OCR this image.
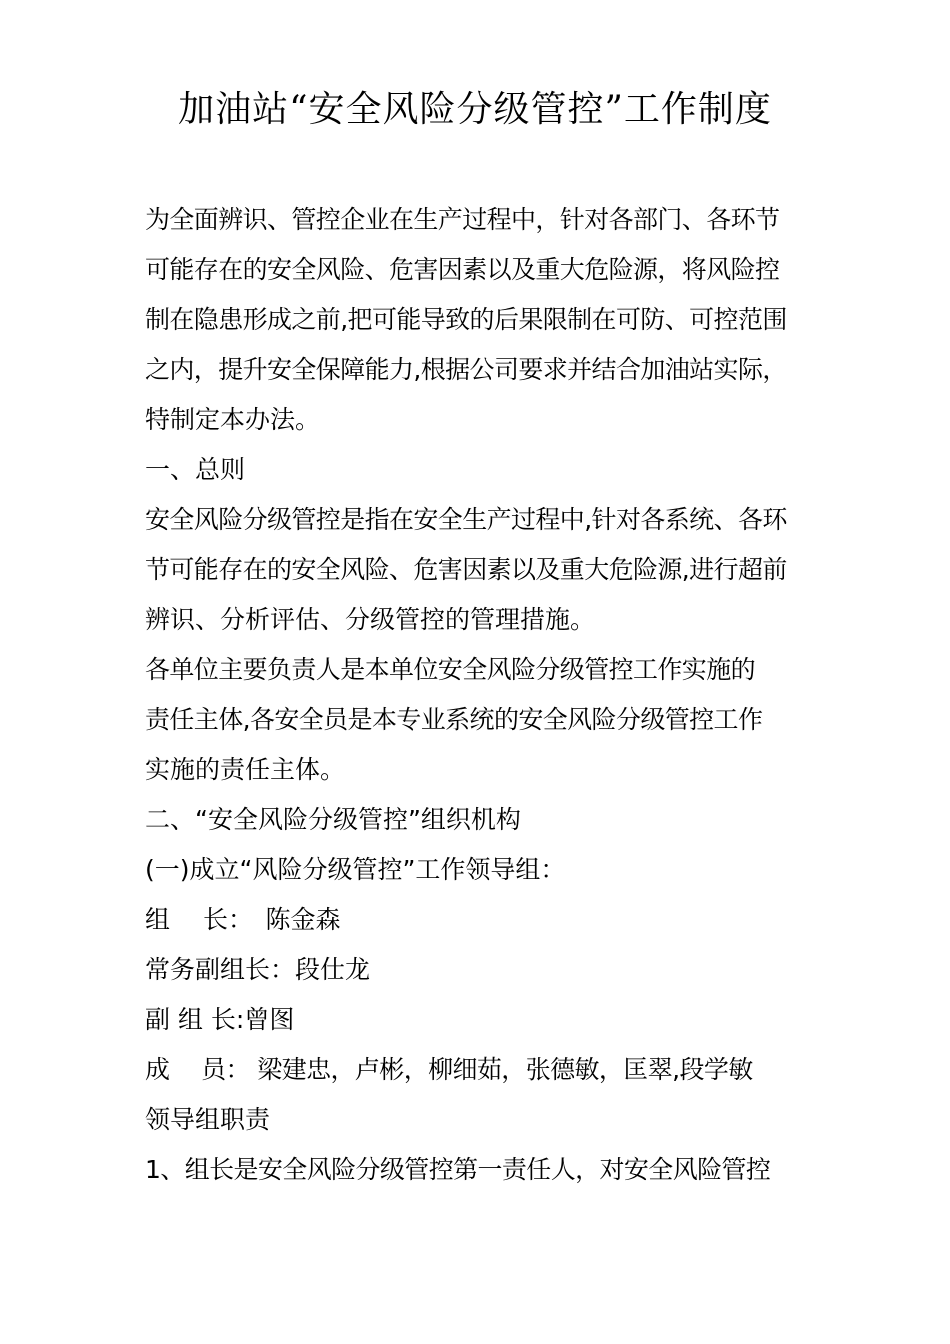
加油站“安全风险分级管控”工作制度
为全面辨识、管控企业在生产过程中，针对各部门、各环节
可能存在的安全风险、危害因素以及重大危险源，将风险控
制在隐患形成之前,把可能导致的后果限制在可防、可控范围
之内，提升安全保障能力,根据公司要求并结合加油站实际，
特制定本办法。
一、总则
安全风险分级管控是指在安全生产过程中,针对各系统、各环
节可能存在的安全风险、危害因素以及重大危险源,进行超前
辨识、分析评估、分级管控的管理措施。
各单位主要负责人是本单位安全风险分级管控工作实施的
责任主体,各安全员是本专业系统的安全风险分级管控工作
实施的责任主体。
二、“安全风险分级管控”组织机构
(一)成立“风险分级管控”工作领导组：
组　 长：　陈金森
常务副组长：段仕龙
副 组 长:曾图
成　 员： 梁建忠，卢彬，柳细茹，张德敏，匡翠,段学敏
领导组职责
1、组长是安全风险分级管控第一责任人，对安全风险管控
